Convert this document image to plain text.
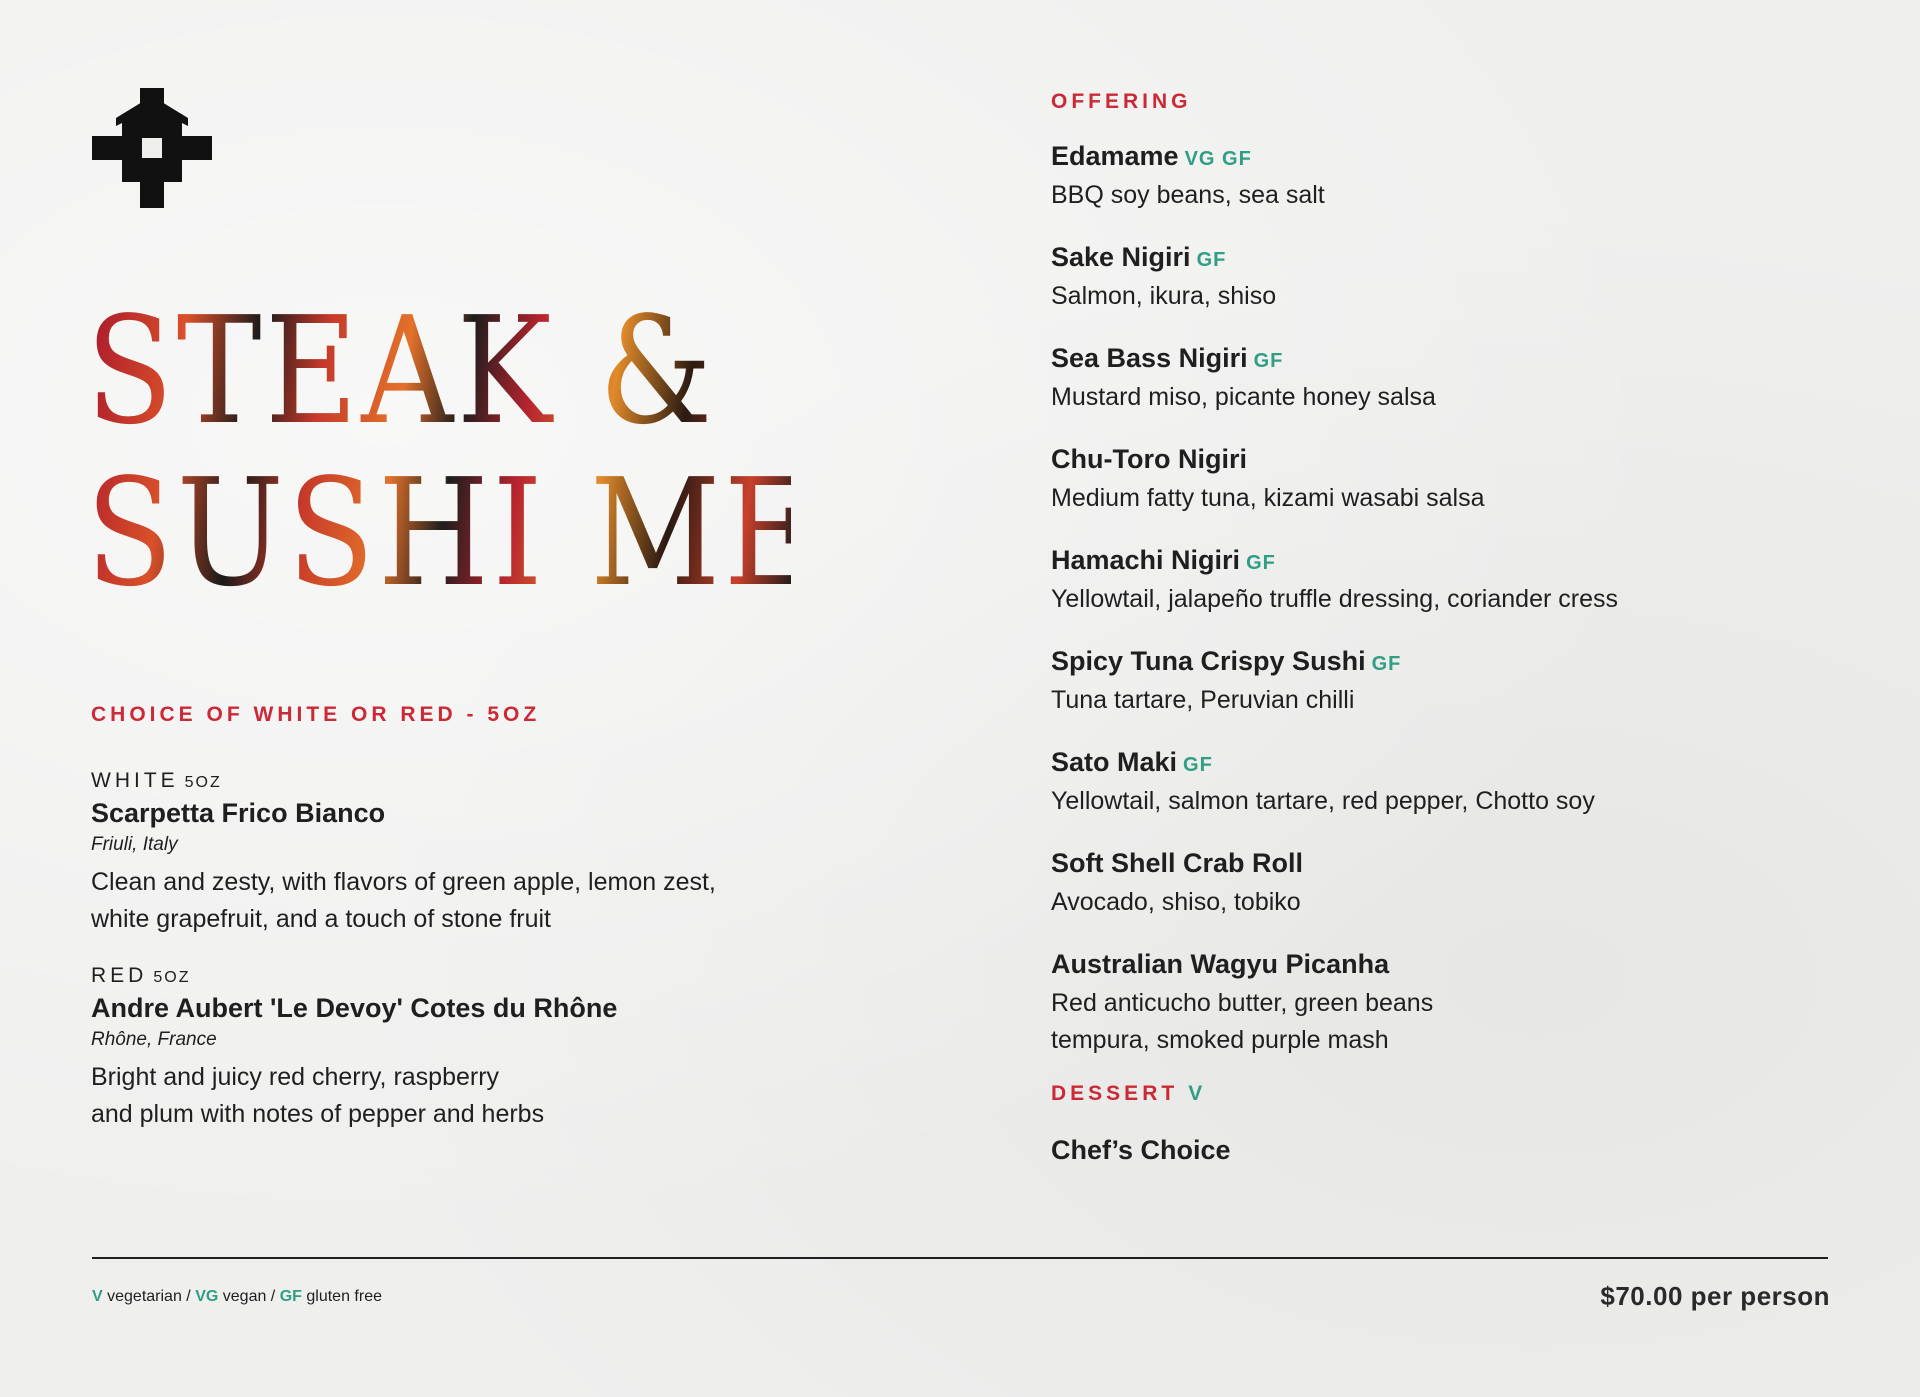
STEAK &
SUSHI MENU
CHOICE OF WHITE OR RED - 5OZ
WHITE 5OZ
Scarpetta Frico Bianco
Friuli, Italy
Clean and zesty, with flavors of green apple, lemon zest,
white grapefruit, and a touch of stone fruit
RED 5OZ
Andre Aubert 'Le Devoy' Cotes du Rhône
Rhône, France
Bright and juicy red cherry, raspberry
and plum with notes of pepper and herbs
OFFERING
Edamame VG GF
BBQ soy beans, sea salt
Sake Nigiri GF
Salmon, ikura, shiso
Sea Bass Nigiri GF
Mustard miso, picante honey salsa
Chu-Toro Nigiri
Medium fatty tuna, kizami wasabi salsa
Hamachi Nigiri GF
Yellowtail, jalapeño truffle dressing, coriander cress
Spicy Tuna Crispy Sushi GF
Tuna tartare, Peruvian chilli
Sato Maki GF
Yellowtail, salmon tartare, red pepper, Chotto soy
Soft Shell Crab Roll
Avocado, shiso, tobiko
Australian Wagyu Picanha
Red anticucho butter, green beans
tempura, smoked purple mash
DESSERT V
Chef’s Choice
V vegetarian / VG vegan / GF gluten free	$70.00 per person
